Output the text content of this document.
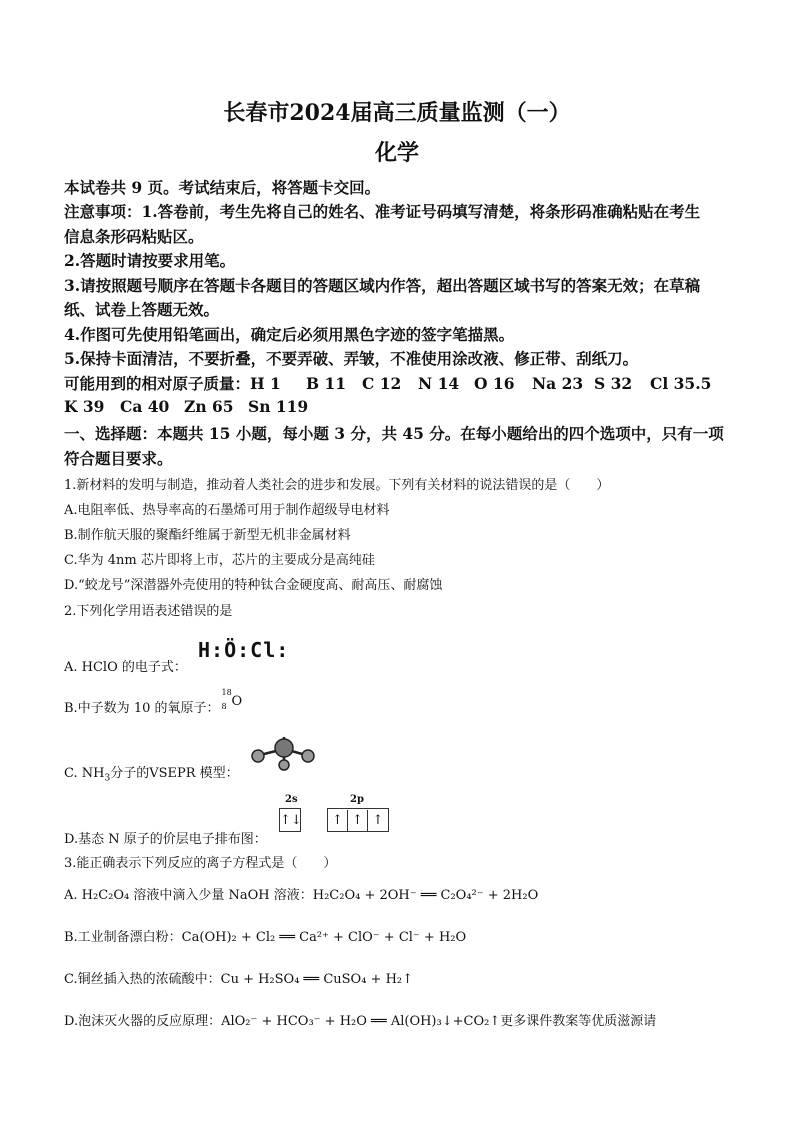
长春市2024届高三质量监测（一）
化学
本试卷共 9 页。考试结束后，将答题卡交回。
注意事项：1.答卷前，考生先将自己的姓名、准考证号码填写清楚，将条形码准确粘贴在考生
信息条形码粘贴区。
2.答题时请按要求用笔。
3.请按照题号顺序在答题卡各题目的答题区域内作答，超出答题区域书写的答案无效；在草稿
纸、试卷上答题无效。
4.作图可先使用铅笔画出，确定后必须用黑色字迹的签字笔描黑。
5.保持卡面清洁，不要折叠，不要弄破、弄皱，不准使用涂改液、修正带、刮纸刀。
可能用到的相对原子质量：H 1 B 11 C 12 N 14 O 16 Na 23 S 32 Cl 35.5
K 39 Ca 40 Zn 65 Sn 119
一、选择题：本题共 15 小题，每小题 3 分，共 45 分。在每小题给出的四个选项中，只有一项
符合题目要求。
1.新材料的发明与制造，推动着人类社会的进步和发展。下列有关材料的说法错误的是（　　）
A.电阻率低、热导率高的石墨烯可用于制作超级导电材料
B.制作航天服的聚酯纤维属于新型无机非金属材料
C.华为 4nm 芯片即将上市，芯片的主要成分是高纯硅
D.“蛟龙号”深潜器外壳使用的特种钛合金硬度高、耐高压、耐腐蚀
2.下列化学用语表述错误的是
A. HClO 的电子式：
H:Ö:Cl:
B.中子数为 10 的氧原子：
18
8 O
C. $NH_3$分子的VSEPR 模型：
D.基态 N 原子的价层电子排布图：
2s
↑↓
2p
↑ ↑ ↑
3.能正确表示下列反应的离子方程式是（　　）
A. H₂C₂O₄ 溶液中滴入少量 NaOH 溶液：H₂C₂O₄ + 2OH⁻ ══ C₂O₄²⁻ + 2H₂O
B.工业制备漂白粉：Ca(OH)₂ + Cl₂ ══ Ca²⁺ + ClO⁻ + Cl⁻ + H₂O
C.铜丝插入热的浓硫酸中：Cu + H₂SO₄ ══ CuSO₄ + H₂↑
D.泡沫灭火器的反应原理：AlO₂⁻ + HCO₃⁻ + H₂O ══ Al(OH)₃↓+CO₂↑更多课件教案等优质滋源请
